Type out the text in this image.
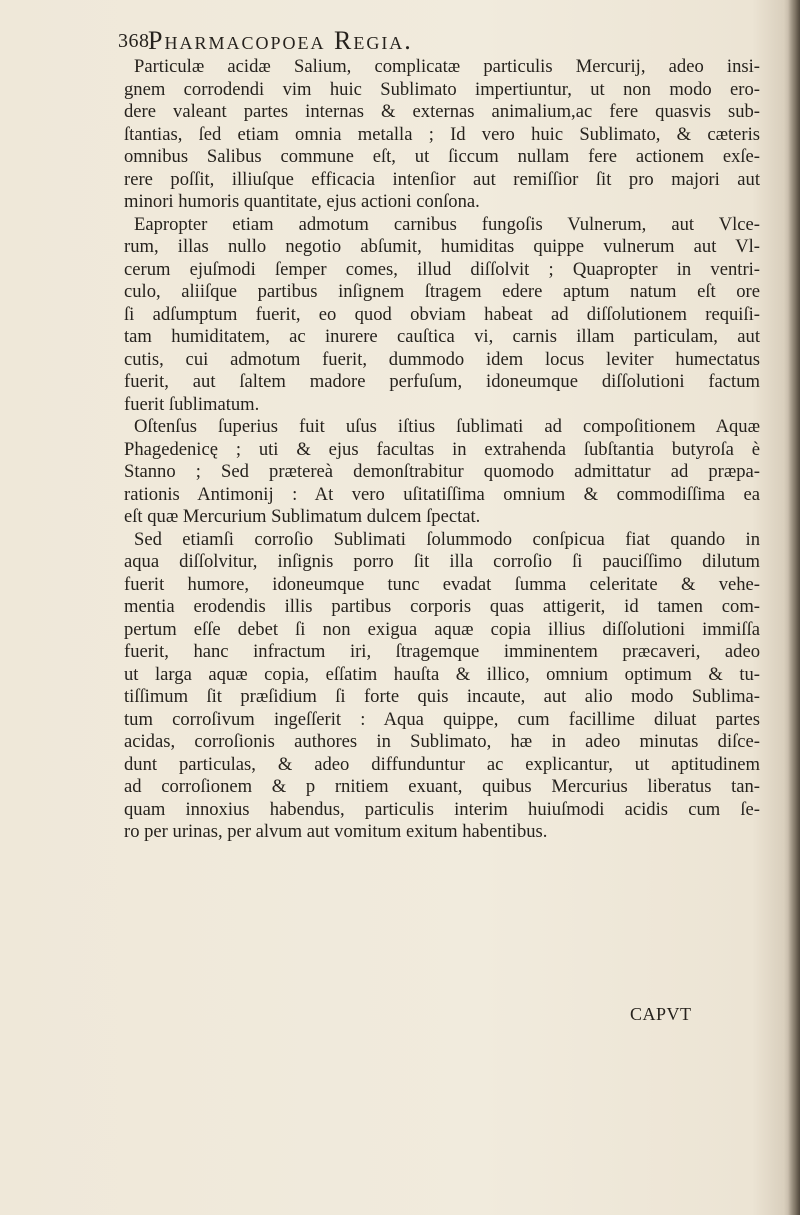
368
Pharmacopoea Regia.
Particulæ acidæ Salium, complicatæ particulis Mercurij, adeo insi-
gnem corrodendi vim huic Sublimato impertiuntur, ut non modo ero-
dere valeant partes internas & externas animalium,ac fere quasvis sub-
ſtantias, ſed etiam omnia metalla ; Id vero huic Sublimato, & cæteris
omnibus Salibus commune eſt, ut ſiccum nullam fere actionem exſe-
rere poſſit, illiuſque efficacia intenſior aut remiſſior ſit pro majori aut
minori humoris quantitate, ejus actioni conſona.
Eapropter etiam admotum carnibus fungoſis Vulnerum, aut Vlce-
rum, illas nullo negotio abſumit, humiditas quippe vulnerum aut Vl-
cerum ejuſmodi ſemper comes, illud diſſolvit ; Quapropter in ventri-
culo, aliiſque partibus inſignem ſtragem edere aptum natum eſt ore
ſi adſumptum fuerit, eo quod obviam habeat ad diſſolutionem requiſi-
tam humiditatem, ac inurere cauſtica vi, carnis illam particulam, aut
cutis, cui admotum fuerit, dummodo idem locus leviter humectatus
fuerit, aut ſaltem madore perfuſum, idoneumque diſſolutioni factum
fuerit ſublimatum.
Oſtenſus ſuperius fuit uſus iſtius ſublimati ad compoſitionem Aquæ
Phagedenicę ; uti & ejus facultas in extrahenda ſubſtantia butyroſa è
Stanno ; Sed prætereà demonſtrabitur quomodo admittatur ad præpa-
rationis Antimonij : At vero uſitatiſſima omnium & commodiſſima ea
eſt quæ Mercurium Sublimatum dulcem ſpectat.
Sed etiamſi corroſio Sublimati ſolummodo conſpicua fiat quando in
aqua diſſolvitur, inſignis porro ſit illa corroſio ſi pauciſſimo dilutum
fuerit humore, idoneumque tunc evadat ſumma celeritate & vehe-
mentia erodendis illis partibus corporis quas attigerit, id tamen com-
pertum eſſe debet ſi non exigua aquæ copia illius diſſolutioni immiſſa
fuerit, hanc infractum iri, ſtragemque imminentem præcaveri, adeo
ut larga aquæ copia, eſſatim hauſta & illico, omnium optimum & tu-
tiſſimum ſit præſidium ſi forte quis incaute, aut alio modo Sublima-
tum corroſivum ingeſſerit : Aqua quippe, cum facillime diluat partes
acidas, corroſionis authores in Sublimato, hæ in adeo minutas diſce-
dunt particulas, & adeo diffunduntur ac explicantur, ut aptitudinem
ad corroſionem & p rnitiem exuant, quibus Mercurius liberatus tan-
quam innoxius habendus, particulis interim huiuſmodi acidis cum ſe-
ro per urinas, per alvum aut vomitum exitum habentibus.
CAPVT
